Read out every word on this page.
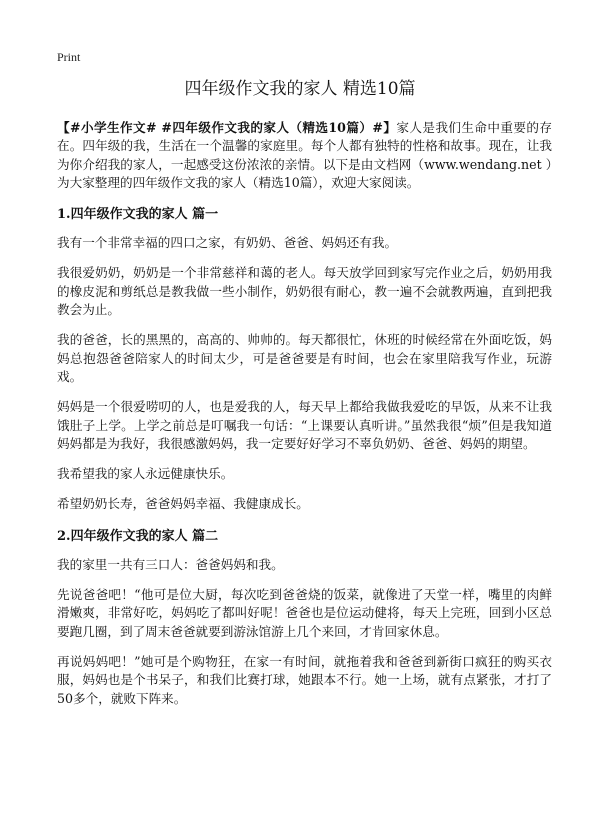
Print
四年级作文我的家人 精选10篇

【#小学生作文# #四年级作文我的家人（精选10篇）#】家人是我们生命中重要的存在。四年级的我，生活在一个温馨的家庭里。每个人都有独特的性格和故事。现在，让我为你介绍我的家人，一起感受这份浓浓的亲情。以下是由文档网（www.wendang.net ）为大家整理的四年级作文我的家人（精选10篇），欢迎大家阅读。

1.四年级作文我的家人 篇一

我有一个非常幸福的四口之家，有奶奶、爸爸、妈妈还有我。

我很爱奶奶，奶奶是一个非常慈祥和蔼的老人。每天放学回到家写完作业之后，奶奶用我的橡皮泥和剪纸总是教我做一些小制作，奶奶很有耐心，教一遍不会就教两遍，直到把我教会为止。

我的爸爸，长的黑黑的，高高的、帅帅的。每天都很忙，休班的时候经常在外面吃饭，妈妈总抱怨爸爸陪家人的时间太少，可是爸爸要是有时间，也会在家里陪我写作业，玩游戏。

妈妈是一个很爱唠叨的人，也是爱我的人，每天早上都给我做我爱吃的早饭，从来不让我饿肚子上学。上学之前总是叮嘱我一句话：“上课要认真听讲。”虽然我很“烦”但是我知道妈妈都是为我好，我很感激妈妈，我一定要好好学习不辜负奶奶、爸爸、妈妈的期望。

我希望我的家人永远健康快乐。

希望奶奶长寿，爸爸妈妈幸福、我健康成长。

2.四年级作文我的家人 篇二

我的家里一共有三口人：爸爸妈妈和我。

先说爸爸吧！“他可是位大厨，每次吃到爸爸烧的饭菜，就像进了天堂一样，嘴里的肉鲜滑嫩爽，非常好吃，妈妈吃了都叫好呢！爸爸也是位运动健将，每天上完班，回到小区总要跑几圈，到了周末爸爸就要到游泳馆游上几个来回，才肯回家休息。

再说妈妈吧！”她可是个购物狂，在家一有时间，就拖着我和爸爸到新街口疯狂的购买衣服，妈妈也是个书呆子，和我们比赛打球，她跟本不行。她一上场，就有点紧张，才打了50多个，就败下阵来。
